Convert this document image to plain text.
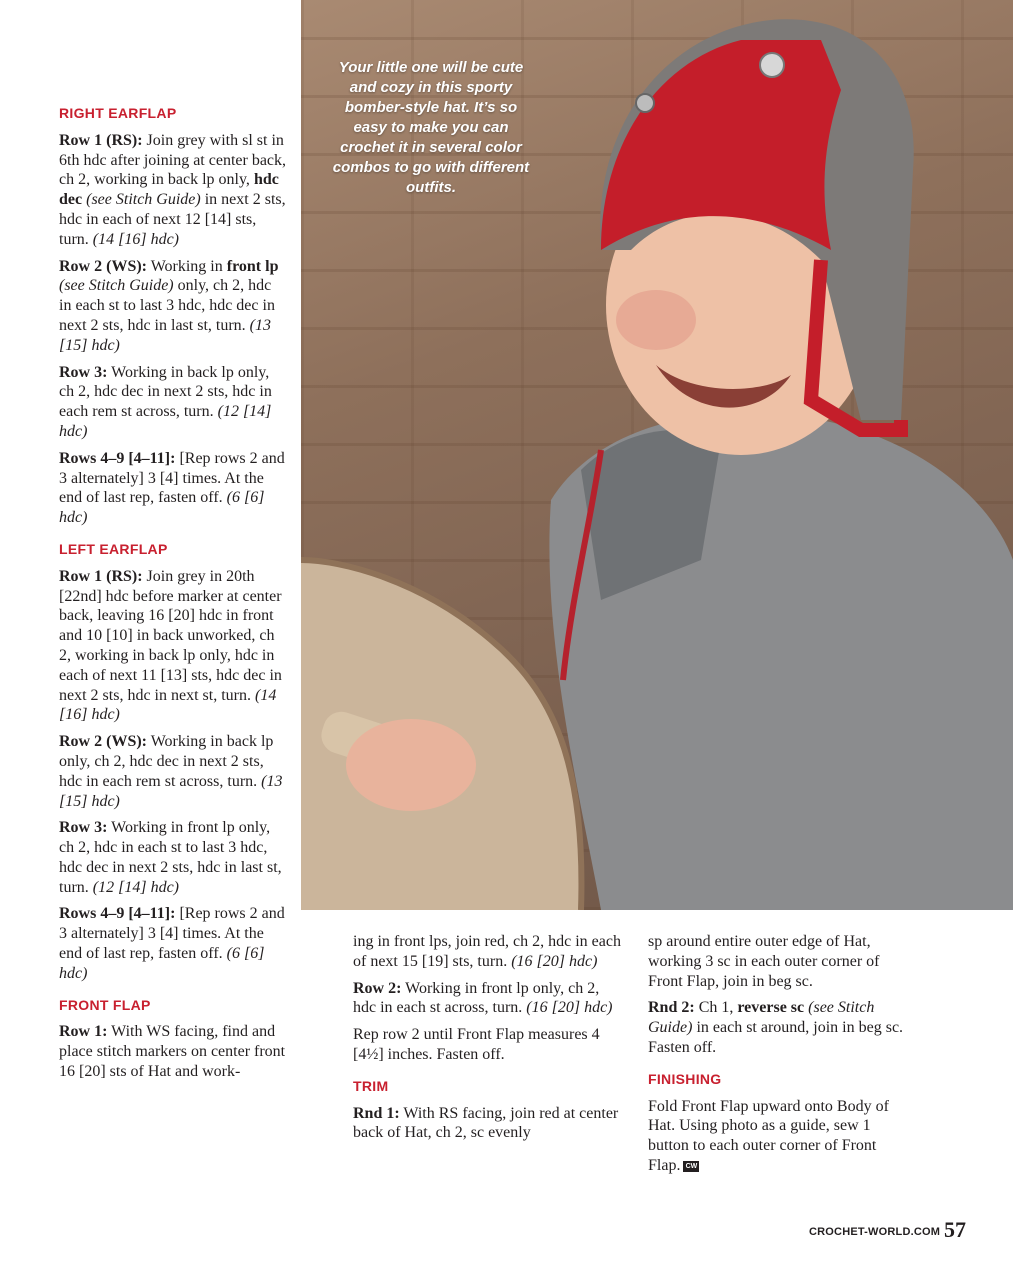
RIGHT EARFLAP

Row 1 (RS): Join grey with sl st in 6th hdc after joining at center back, ch 2, working in back lp only, hdc dec (see Stitch Guide) in next 2 sts, hdc in each of next 12 [14] sts, turn. (14 [16] hdc)

Row 2 (WS): Working in front lp (see Stitch Guide) only, ch 2, hdc in each st to last 3 hdc, hdc dec in next 2 sts, hdc in last st, turn. (13 [15] hdc)

Row 3: Working in back lp only, ch 2, hdc dec in next 2 sts, hdc in each rem st across, turn. (12 [14] hdc)

Rows 4–9 [4–11]: [Rep rows 2 and 3 alternately] 3 [4] times. At the end of last rep, fasten off. (6 [6] hdc)

LEFT EARFLAP

Row 1 (RS): Join grey in 20th [22nd] hdc before marker at center back, leaving 16 [20] hdc in front and 10 [10] in back unworked, ch 2, working in back lp only, hdc in each of next 11 [13] sts, hdc dec in next 2 sts, hdc in next st, turn. (14 [16] hdc)

Row 2 (WS): Working in back lp only, ch 2, hdc dec in next 2 sts, hdc in each rem st across, turn. (13 [15] hdc)

Row 3: Working in front lp only, ch 2, hdc in each st to last 3 hdc, hdc dec in next 2 sts, hdc in last st, turn. (12 [14] hdc)

Rows 4–9 [4–11]: [Rep rows 2 and 3 alternately] 3 [4] times. At the end of last rep, fasten off. (6 [6] hdc)

FRONT FLAP

Row 1: With WS facing, find and place stitch markers on center front 16 [20] sts of Hat and work-

Your little one will be cute and cozy in this sporty bomber-style hat. It’s so easy to make you can crochet it in several color combos to go with different outfits.

ing in front lps, join red, ch 2, hdc in each of next 15 [19] sts, turn. (16 [20] hdc)

Row 2: Working in front lp only, ch 2, hdc in each st across, turn. (16 [20] hdc)

Rep row 2 until Front Flap measures 4 [4½] inches. Fasten off.

TRIM

Rnd 1: With RS facing, join red at center back of Hat, ch 2, sc evenly

sp around entire outer edge of Hat, working 3 sc in each outer corner of Front Flap, join in beg sc.

Rnd 2: Ch 1, reverse sc (see Stitch Guide) in each st around, join in beg sc. Fasten off.

FINISHING

Fold Front Flap upward onto Body of Hat. Using photo as a guide, sew 1 button to each outer corner of Front Flap. CW

CROCHET-WORLD.COM 57
